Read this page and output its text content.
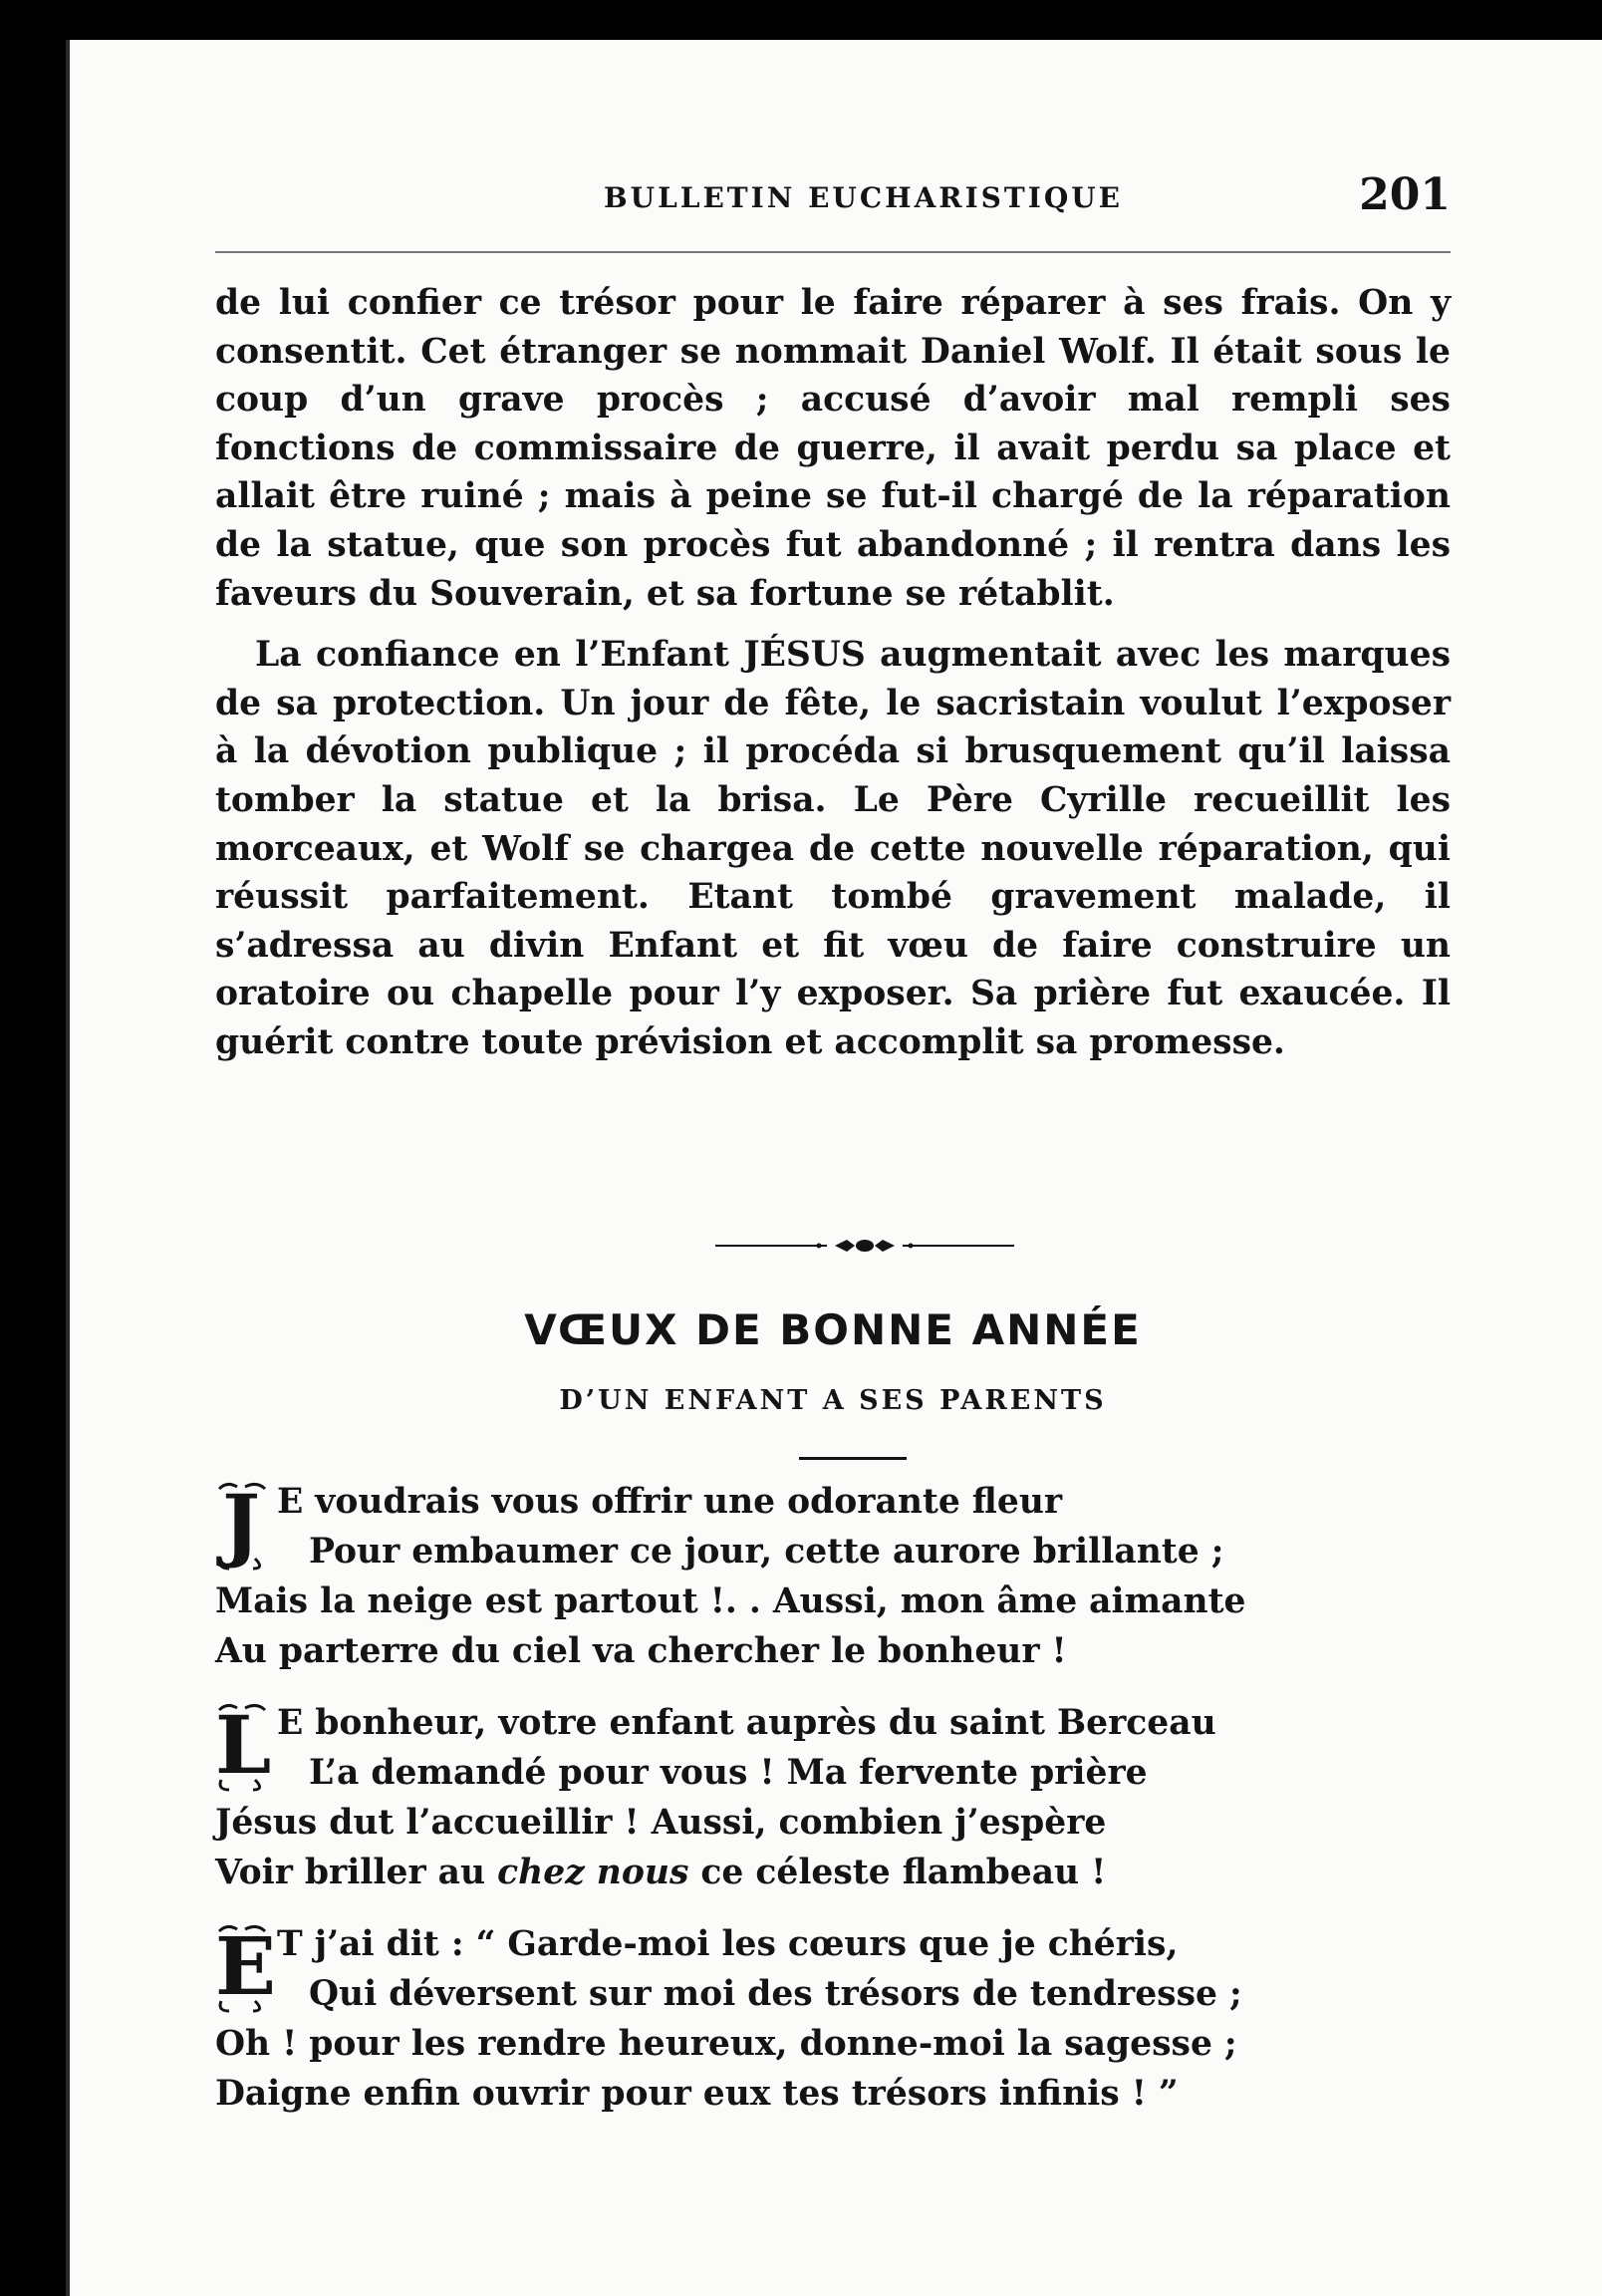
BULLETIN EUCHARISTIQUE	201

de lui confier ce trésor pour le faire réparer à ses frais. On y consentit. Cet étranger se nommait Daniel Wolf. Il était sous le coup d’un grave procès ; accusé d’avoir mal rempli ses fonctions de commissaire de guerre, il avait perdu sa place et allait être ruiné ; mais à peine se fut-il chargé de la réparation de la statue, que son procès fut abandonné ; il rentra dans les faveurs du Souverain, et sa fortune se rétablit.

La confiance en l’Enfant JÉSUS augmentait avec les marques de sa protection. Un jour de fête, le sacristain voulut l’exposer à la dévotion publique ; il procéda si brusquement qu’il laissa tomber la statue et la brisa. Le Père Cyrille recueillit les morceaux, et Wolf se chargea de cette nouvelle réparation, qui réussit parfaitement. Etant tombé gravement malade, il s’adressa au divin Enfant et fit vœu de faire construire un oratoire ou chapelle pour l’y exposer. Sa prière fut exaucée. Il guérit contre toute prévision et accomplit sa promesse.

VŒUX DE BONNE ANNÉE
D’UN ENFANT A SES PARENTS
J E voudrais vous offrir une odorante fleur
Pour embaumer ce jour, cette aurore brillante ;
Mais la neige est partout !. . Aussi, mon âme aimante
Au parterre du ciel va chercher le bonheur !
L E bonheur, votre enfant auprès du saint Berceau
L’a demandé pour vous ! Ma fervente prière
Jésus dut l’accueillir ! Aussi, combien j’espère
Voir briller au chez nous ce céleste flambeau !
E T j’ai dit : “ Garde-moi les cœurs que je chéris,
Qui déversent sur moi des trésors de tendresse ;
Oh ! pour les rendre heureux, donne-moi la sagesse ;
Daigne enfin ouvrir pour eux tes trésors infinis ! ”
